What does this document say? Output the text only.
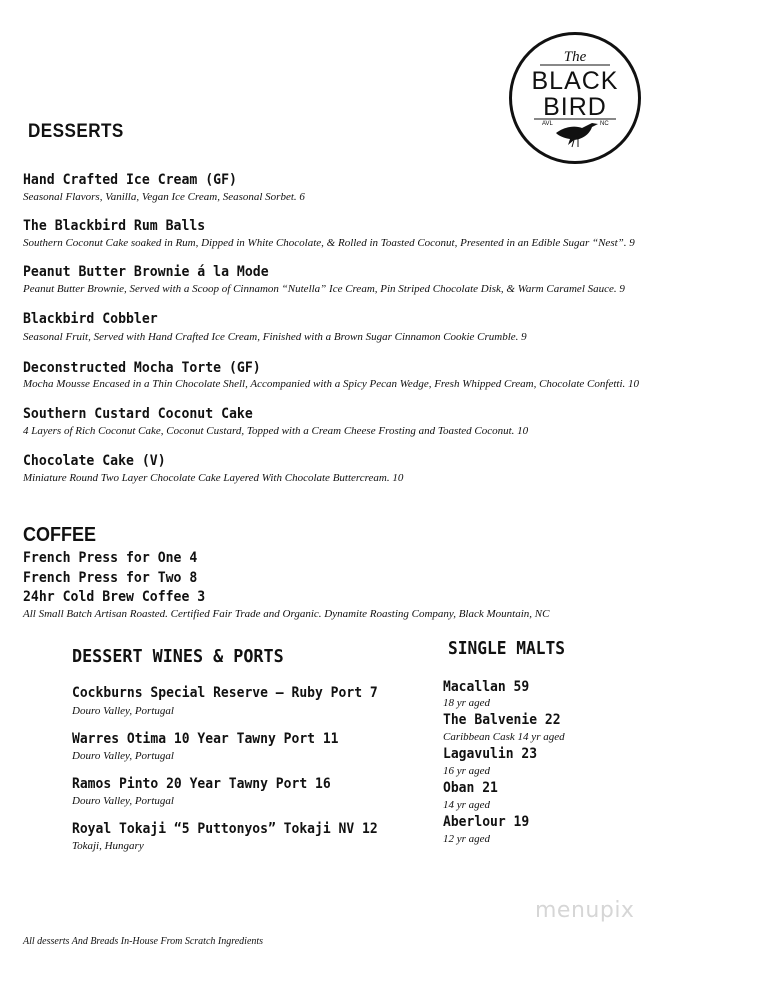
The
BLACK
BIRD
AVL	NC
DESSERTS
Hand Crafted Ice Cream (GF)
Seasonal Flavors, Vanilla, Vegan Ice Cream, Seasonal Sorbet. 6
The Blackbird Rum Balls
Southern Coconut Cake soaked in Rum, Dipped in White Chocolate, & Rolled in Toasted Coconut, Presented in an Edible Sugar “Nest”. 9
Peanut Butter Brownie á la Mode
Peanut Butter Brownie, Served with a Scoop of Cinnamon “Nutella” Ice Cream, Pin Striped Chocolate Disk, & Warm Caramel Sauce. 9
Blackbird Cobbler
Seasonal Fruit, Served with Hand Crafted Ice Cream, Finished with a Brown Sugar Cinnamon Cookie Crumble. 9
Deconstructed Mocha Torte (GF)
Mocha Mousse Encased in a Thin Chocolate Shell, Accompanied with a Spicy Pecan Wedge, Fresh Whipped Cream, Chocolate Confetti. 10
Southern Custard Coconut Cake
4 Layers of Rich Coconut Cake, Coconut Custard, Topped with a Cream Cheese Frosting and Toasted Coconut. 10
Chocolate Cake (V)
Miniature Round Two Layer Chocolate Cake Layered With Chocolate Buttercream. 10
COFFEE
French Press for One 4
French Press for Two 8
24hr Cold Brew Coffee 3
All Small Batch Artisan Roasted. Certified Fair Trade and Organic. Dynamite Roasting Company, Black Mountain, NC
DESSERT WINES & PORTS
Cockburns Special Reserve – Ruby Port 7
Douro Valley, Portugal
Warres Otima 10 Year Tawny Port 11
Douro Valley, Portugal
Ramos Pinto 20 Year Tawny Port 16
Douro Valley, Portugal
Royal Tokaji “5 Puttonyos” Tokaji NV 12
Tokaji, Hungary
SINGLE MALTS
Macallan 59
18 yr aged
The Balvenie 22
Caribbean Cask 14 yr aged
Lagavulin 23
16 yr aged
Oban 21
14 yr aged
Aberlour 19
12 yr aged
menupix
All desserts And Breads In-House From Scratch Ingredients
